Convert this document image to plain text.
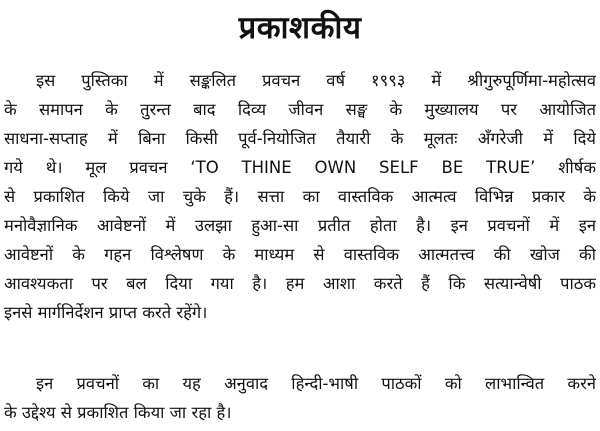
प्रकाशकीय
इस पुस्तिका में सङ्कलित प्रवचन वर्ष १९९३ में श्रीगुरुपूर्णिमा-महोत्सव
के समापन के तुरन्त बाद दिव्य जीवन सङ्घ के मुख्यालय पर आयोजित
साधना-सप्ताह में बिना किसी पूर्व-नियोजित तैयारी के मूलतः अँगरेजी में दिये
गये थे। मूल प्रवचन ‘TO THINE OWN SELF BE TRUE’ शीर्षक
से प्रकाशित किये जा चुके हैं। सत्ता का वास्तविक आत्मत्व विभिन्न प्रकार के
मनोवैज्ञानिक आवेष्टनों में उलझा हुआ-सा प्रतीत होता है। इन प्रवचनों में इन
आवेष्टनों के गहन विश्लेषण के माध्यम से वास्तविक आत्मतत्त्व की खोज की
आवश्यकता पर बल दिया गया है। हम आशा करते हैं कि सत्यान्वेषी पाठक
इनसे मार्गनिर्देशन प्राप्त करते रहेंगे।
इन प्रवचनों का यह अनुवाद हिन्दी-भाषी पाठकों को लाभान्वित करने
के उद्देश्य से प्रकाशित किया जा रहा है।
